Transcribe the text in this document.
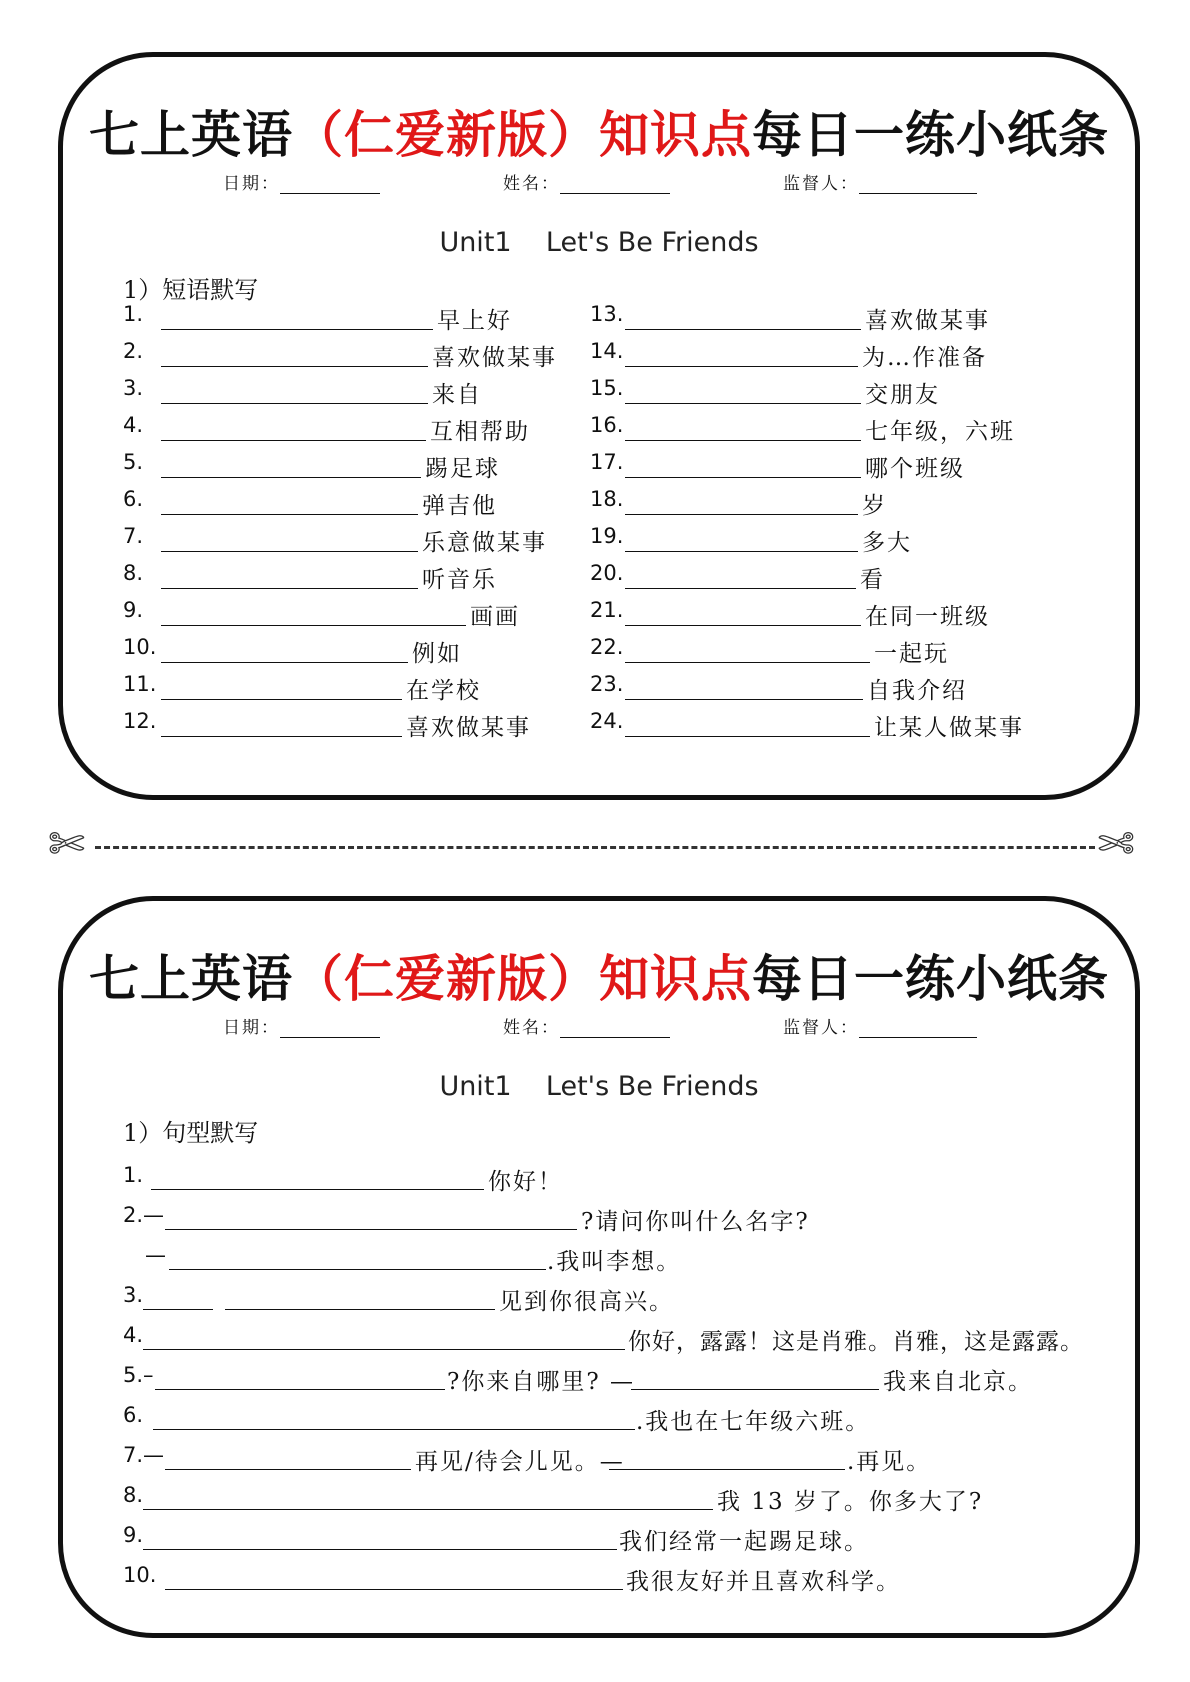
七上英语（仁爱新版）知识点每日一练小纸条
日期：	姓名：	监督人：
Unit1    Let's Be Friends
1）短语默写
1.	早上好
2.	喜欢做某事
3.	来自
4.	互相帮助
5.	踢足球
6.	弹吉他
7.	乐意做某事
8.	听音乐
9.	画画
10.	例如
11.	在学校
12.	喜欢做某事
13.	喜欢做某事
14.	为…作准备
15.	交朋友
16.	七年级，六班
17.	哪个班级
18.	岁
19.	多大
20.	看
21.	在同一班级
22.	一起玩
23.	自我介绍
24.	让某人做某事
✄	✄
七上英语（仁爱新版）知识点每日一练小纸条
日期：	姓名：	监督人：
Unit1    Let's Be Friends
1）句型默写
1.	你好！
2.—	?请问你叫什么名字?
—	.我叫李想。
3.	见到你很高兴。
4.	你好，露露！这是肖雅。肖雅，这是露露。
5.–	?你来自哪里? —	我来自北京。
6.	.我也在七年级六班。
7.—	再见/待会儿见。—	.再见。
8.	我 13 岁了。你多大了?
9.	我们经常一起踢足球。
10.	我很友好并且喜欢科学。
